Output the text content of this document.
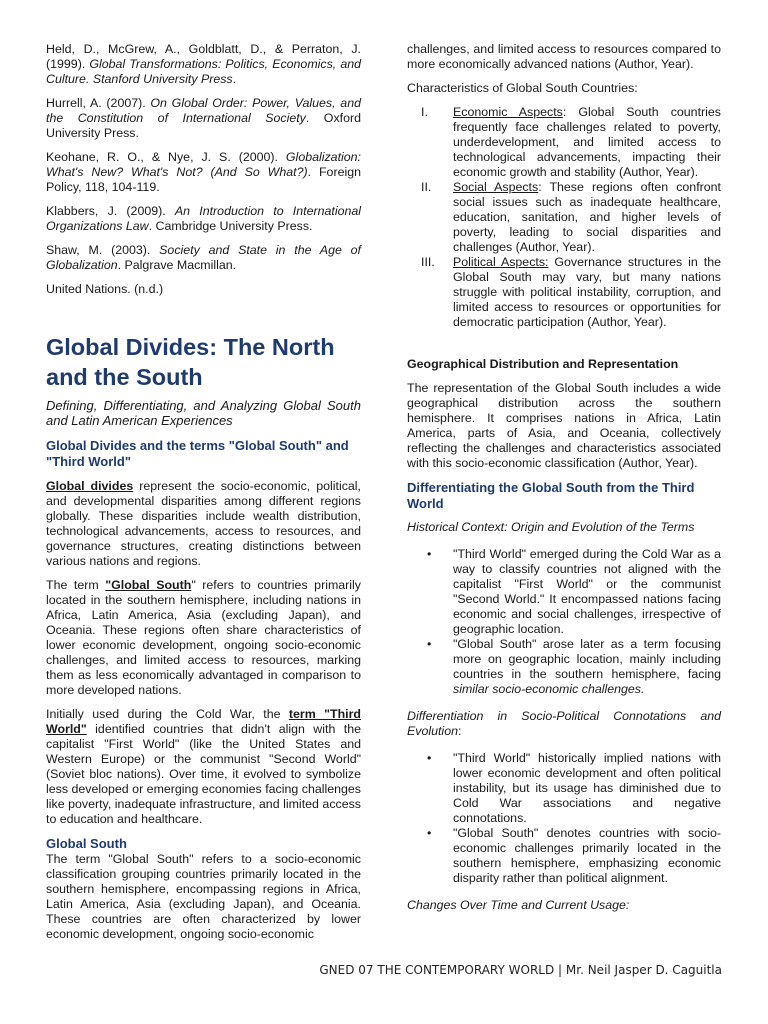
Held, D., McGrew, A., Goldblatt, D., & Perraton, J. (1999). Global Transformations: Politics, Economics, and Culture. Stanford University Press.

Hurrell, A. (2007). On Global Order: Power, Values, and the Constitution of International Society. Oxford University Press.

Keohane, R. O., & Nye, J. S. (2000). Globalization: What's New? What's Not? (And So What?). Foreign Policy, 118, 104-119.

Klabbers, J. (2009). An Introduction to International Organizations Law. Cambridge University Press.

Shaw, M. (2003). Society and State in the Age of Globalization. Palgrave Macmillan.

United Nations. (n.d.)

Global Divides: The North and the South

Defining, Differentiating, and Analyzing Global South and Latin American Experiences

Global Divides and the terms "Global South" and "Third World"

Global divides represent the socio-economic, political, and developmental disparities among different regions globally. These disparities include wealth distribution, technological advancements, access to resources, and governance structures, creating distinctions between various nations and regions.

The term "Global South" refers to countries primarily located in the southern hemisphere, including nations in Africa, Latin America, Asia (excluding Japan), and Oceania. These regions often share characteristics of lower economic development, ongoing socio-economic challenges, and limited access to resources, marking them as less economically advantaged in comparison to more developed nations.

Initially used during the Cold War, the term "Third World" identified countries that didn't align with the capitalist "First World" (like the United States and Western Europe) or the communist "Second World" (Soviet bloc nations). Over time, it evolved to symbolize less developed or emerging economies facing challenges like poverty, inadequate infrastructure, and limited access to education and healthcare.

Global South

The term "Global South" refers to a socio-economic classification grouping countries primarily located in the southern hemisphere, encompassing regions in Africa, Latin America, Asia (excluding Japan), and Oceania. These countries are often characterized by lower economic development, ongoing socio-economic

challenges, and limited access to resources compared to more economically advanced nations (Author, Year).

Characteristics of Global South Countries:

I. Economic Aspects: Global South countries frequently face challenges related to poverty, underdevelopment, and limited access to technological advancements, impacting their economic growth and stability (Author, Year).
II. Social Aspects: These regions often confront social issues such as inadequate healthcare, education, sanitation, and higher levels of poverty, leading to social disparities and challenges (Author, Year).
III. Political Aspects: Governance structures in the Global South may vary, but many nations struggle with political instability, corruption, and limited access to resources or opportunities for democratic participation (Author, Year).
Geographical Distribution and Representation

The representation of the Global South includes a wide geographical distribution across the southern hemisphere. It comprises nations in Africa, Latin America, parts of Asia, and Oceania, collectively reflecting the challenges and characteristics associated with this socio-economic classification (Author, Year).

Differentiating the Global South from the Third World

Historical Context: Origin and Evolution of the Terms

• "Third World" emerged during the Cold War as a way to classify countries not aligned with the capitalist "First World" or the communist "Second World." It encompassed nations facing economic and social challenges, irrespective of geographic location.
• "Global South" arose later as a term focusing more on geographic location, mainly including countries in the southern hemisphere, facing similar socio-economic challenges.

Differentiation in Socio-Political Connotations and Evolution:

• "Third World" historically implied nations with lower economic development and often political instability, but its usage has diminished due to Cold War associations and negative connotations.
• "Global South" denotes countries with socio-economic challenges primarily located in the southern hemisphere, emphasizing economic disparity rather than political alignment.

Changes Over Time and Current Usage:

GNED 07 THE CONTEMPORARY WORLD | Mr. Neil Jasper D. Caguitla
